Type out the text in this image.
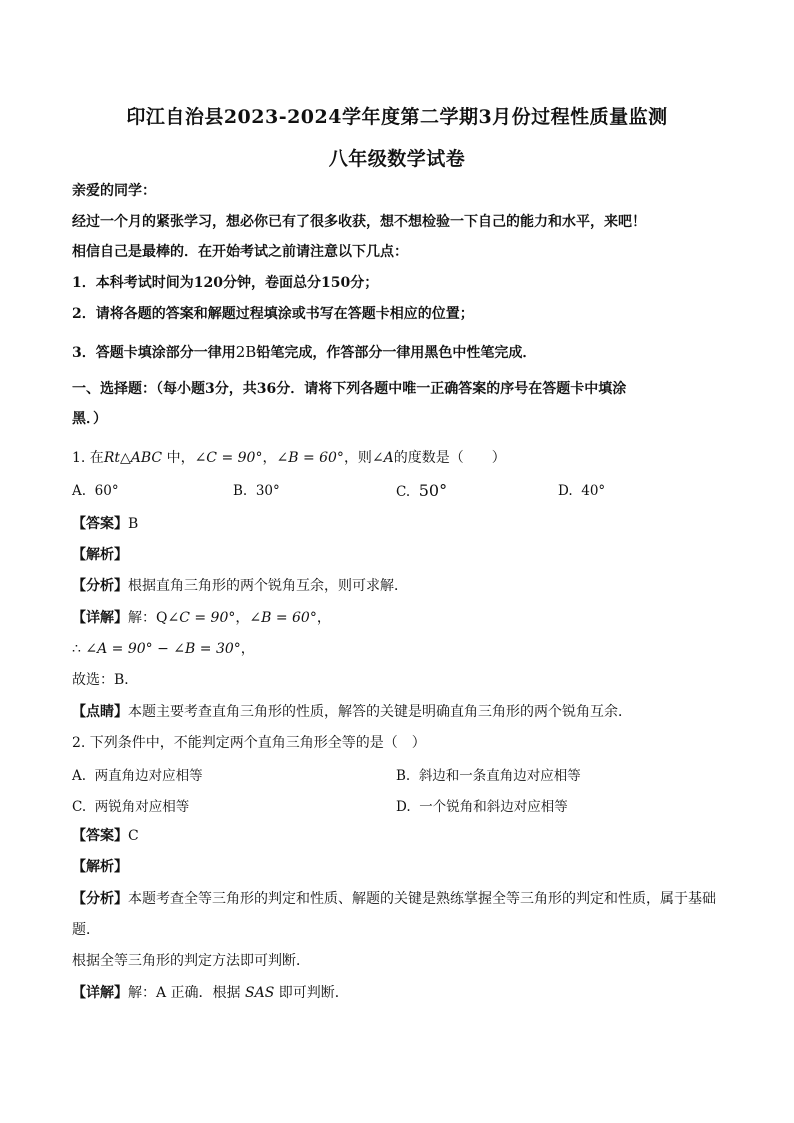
印江自治县2023-2024学年度第二学期3月份过程性质量监测
八年级数学试卷
亲爱的同学：
经过一个月的紧张学习，想必你已有了很多收获，想不想检验一下自己的能力和水平，来吧！
相信自己是最棒的．在开始考试之前请注意以下几点：
1．本科考试时间为120分钟，卷面总分150分；
2．请将各题的答案和解题过程填涂或书写在答题卡相应的位置；
3．答题卡填涂部分一律用2B铅笔完成，作答部分一律用黑色中性笔完成．
一、选择题：（每小题3分，共36分．请将下列各题中唯一正确答案的序号在答题卡中填涂
黑．）
1. 在Rt△ABC 中，∠C = 90°，∠B = 60°，则∠A的度数是（　　）
A. 60°	B. 30°	C. 50°	D. 40°
【答案】B
【解析】
【分析】根据直角三角形的两个锐角互余，则可求解．
【详解】解：Q∠C = 90°，∠B = 60°，
∴ ∠A = 90° − ∠B = 30°，
故选：B．
【点睛】本题主要考查直角三角形的性质，解答的关键是明确直角三角形的两个锐角互余．
2. 下列条件中，不能判定两个直角三角形全等的是（　）
A. 两直角边对应相等	B. 斜边和一条直角边对应相等
C. 两锐角对应相等	D. 一个锐角和斜边对应相等
【答案】C
【解析】
【分析】本题考查全等三角形的判定和性质、解题的关键是熟练掌握全等三角形的判定和性质，属于基础
题．
根据全等三角形的判定方法即可判断．
【详解】解：A 正确．根据 SAS 即可判断．
